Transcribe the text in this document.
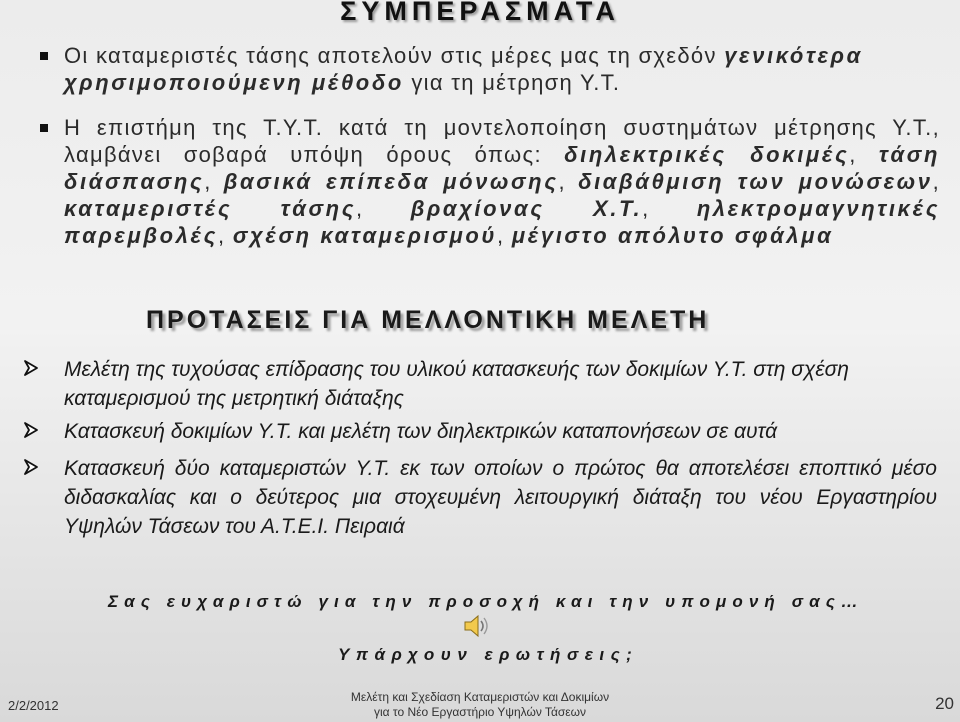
ΣΥΜΠΕΡΑΣΜΑΤΑ
Οι καταμεριστές τάσης αποτελούν στις μέρες μας τη σχεδόν γενικότερα χρησιμοποιούμενη μέθοδο για τη μέτρηση Υ.Τ.
Η επιστήμη της Τ.Υ.Τ. κατά τη μοντελοποίηση συστημάτων μέτρησης Υ.Τ., λαμβάνει σοβαρά υπόψη όρους όπως: διηλεκτρικές δοκιμές, τάση διάσπασης, βασικά επίπεδα μόνωσης, διαβάθμιση των μονώσεων, καταμεριστές τάσης, βραχίονας Χ.Τ., ηλεκτρομαγνητικές παρεμβολές, σχέση καταμερισμού, μέγιστο απόλυτο σφάλμα
ΠΡΟΤΑΣΕΙΣ ΓΙΑ ΜΕΛΛΟΝΤΙΚΗ ΜΕΛΕΤΗ
Μελέτη της τυχούσας επίδρασης του υλικού κατασκευής των δοκιμίων Υ.Τ. στη σχέση καταμερισμού της μετρητική διάταξης
Κατασκευή δοκιμίων Υ.Τ. και μελέτη των διηλεκτρικών καταπονήσεων σε αυτά
Κατασκευή δύο καταμεριστών Υ.Τ. εκ των οποίων ο πρώτος θα αποτελέσει εποπτικό μέσο διδασκαλίας και ο δεύτερος μια στοχευμένη λειτουργική διάταξη του νέου Εργαστηρίου Υψηλών Τάσεων του Α.Τ.Ε.Ι. Πειραιά
Σας ευχαριστώ για την προσοχή και την υπομονή σας…
Υπάρχουν ερωτήσεις;
2/2/2012
Μελέτη και Σχεδίαση Καταμεριστών και Δοκιμίων
για το Νέο Εργαστήριο Υψηλών Τάσεων	20
